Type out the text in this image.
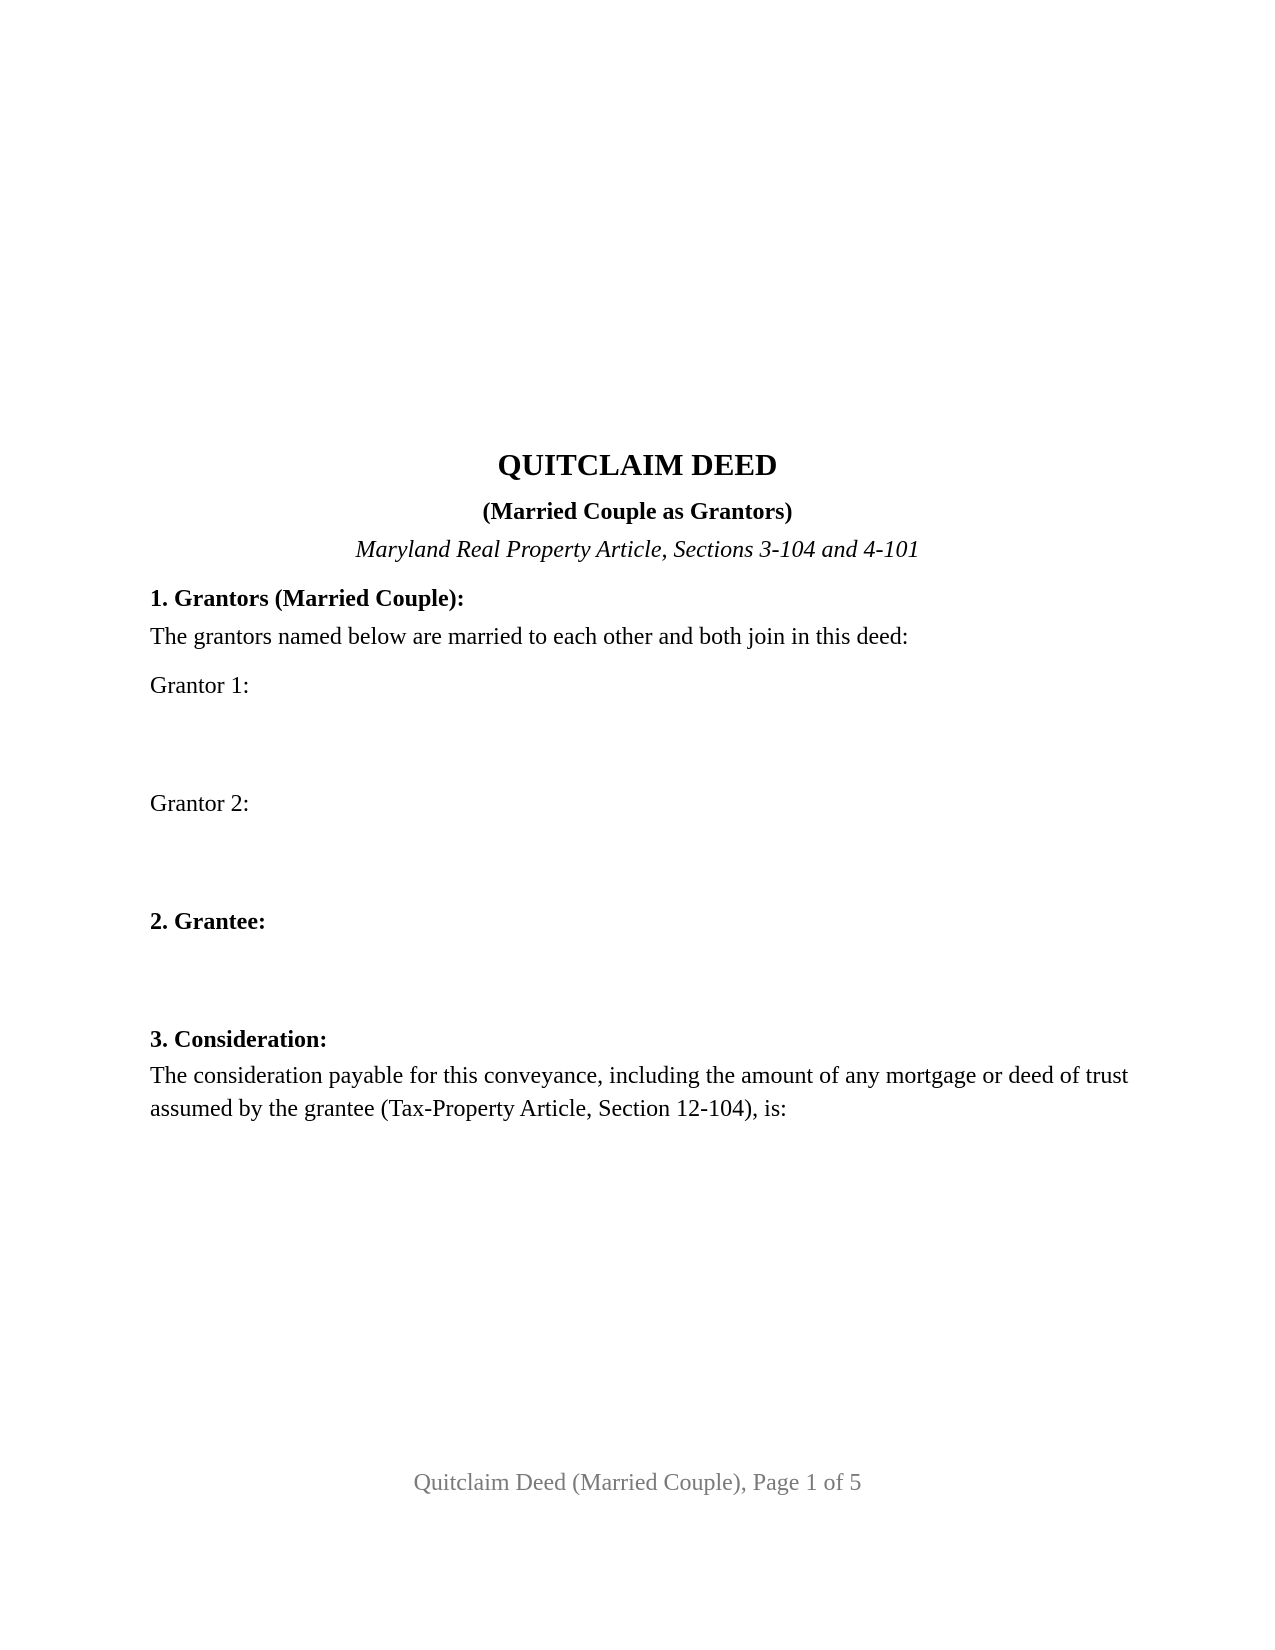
QUITCLAIM DEED
(Married Couple as Grantors)

Maryland Real Property Article, Sections 3-104 and 4-101

1. Grantors (Married Couple):

The grantors named below are married to each other and both join in this deed:

Grantor 1:

Grantor 2:

2. Grantee:
3. Consideration:

The consideration payable for this conveyance, including the amount of any mortgage or deed of trust assumed by the grantee (Tax-Property Article, Section 12-104), is:

Quitclaim Deed (Married Couple), Page 1 of 5
